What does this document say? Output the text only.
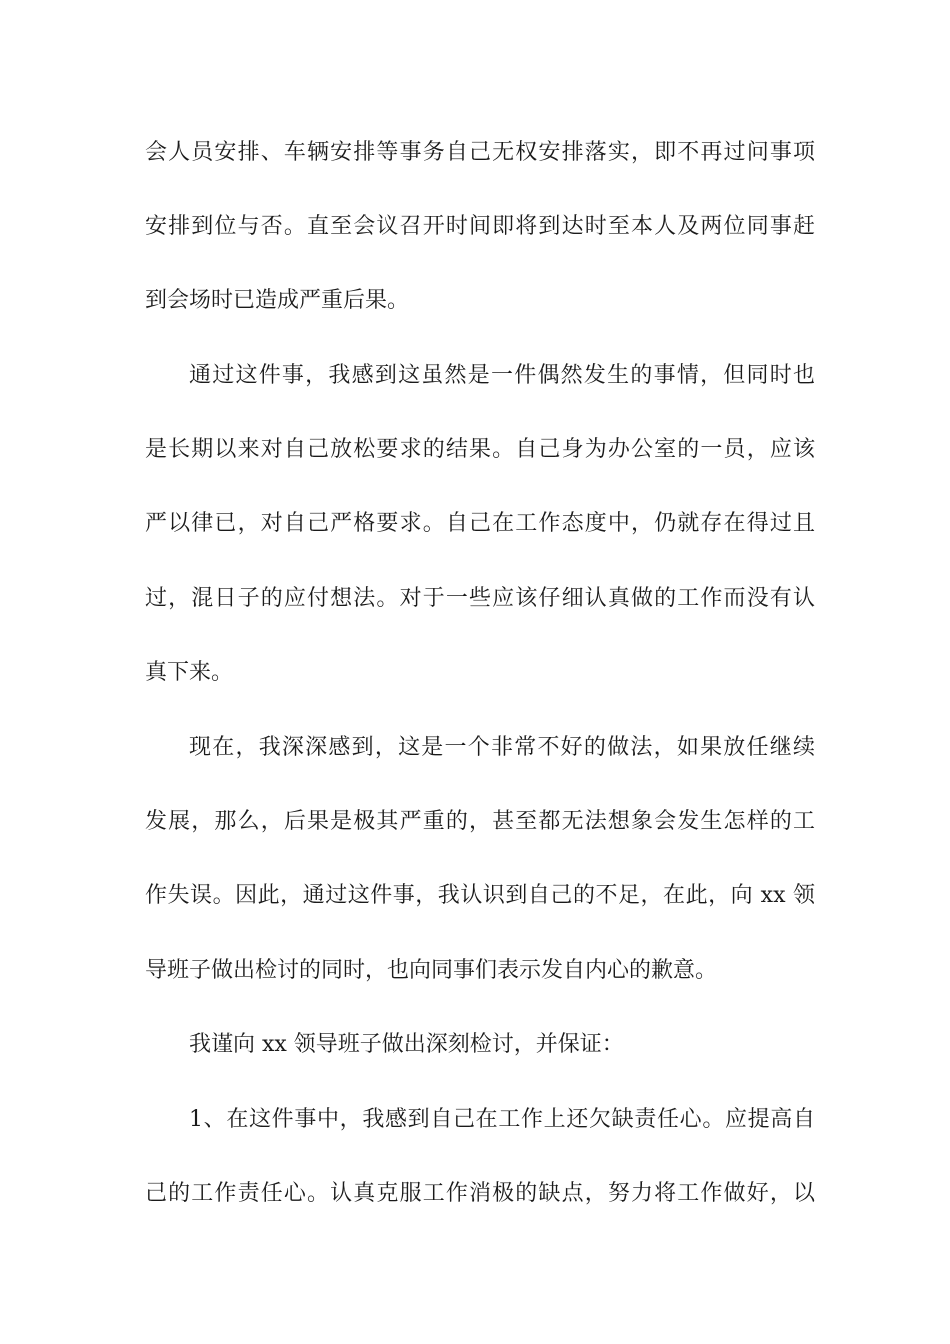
会人员安排、车辆安排等事务自己无权安排落实，即不再过问事项
安排到位与否。直至会议召开时间即将到达时至本人及两位同事赶
到会场时已造成严重后果。
通过这件事，我感到这虽然是一件偶然发生的事情，但同时也
是长期以来对自己放松要求的结果。自己身为办公室的一员，应该
严以律已，对自己严格要求。自己在工作态度中，仍就存在得过且
过，混日子的应付想法。对于一些应该仔细认真做的工作而没有认
真下来。
现在，我深深感到，这是一个非常不好的做法，如果放任继续
发展，那么，后果是极其严重的，甚至都无法想象会发生怎样的工
作失误。因此，通过这件事，我认识到自己的不足，在此，向 xx 领
导班子做出检讨的同时，也向同事们表示发自内心的歉意。
我谨向 xx 领导班子做出深刻检讨，并保证：
1、在这件事中，我感到自己在工作上还欠缺责任心。应提高自
己的工作责任心。认真克服工作消极的缺点，努力将工作做好，以
